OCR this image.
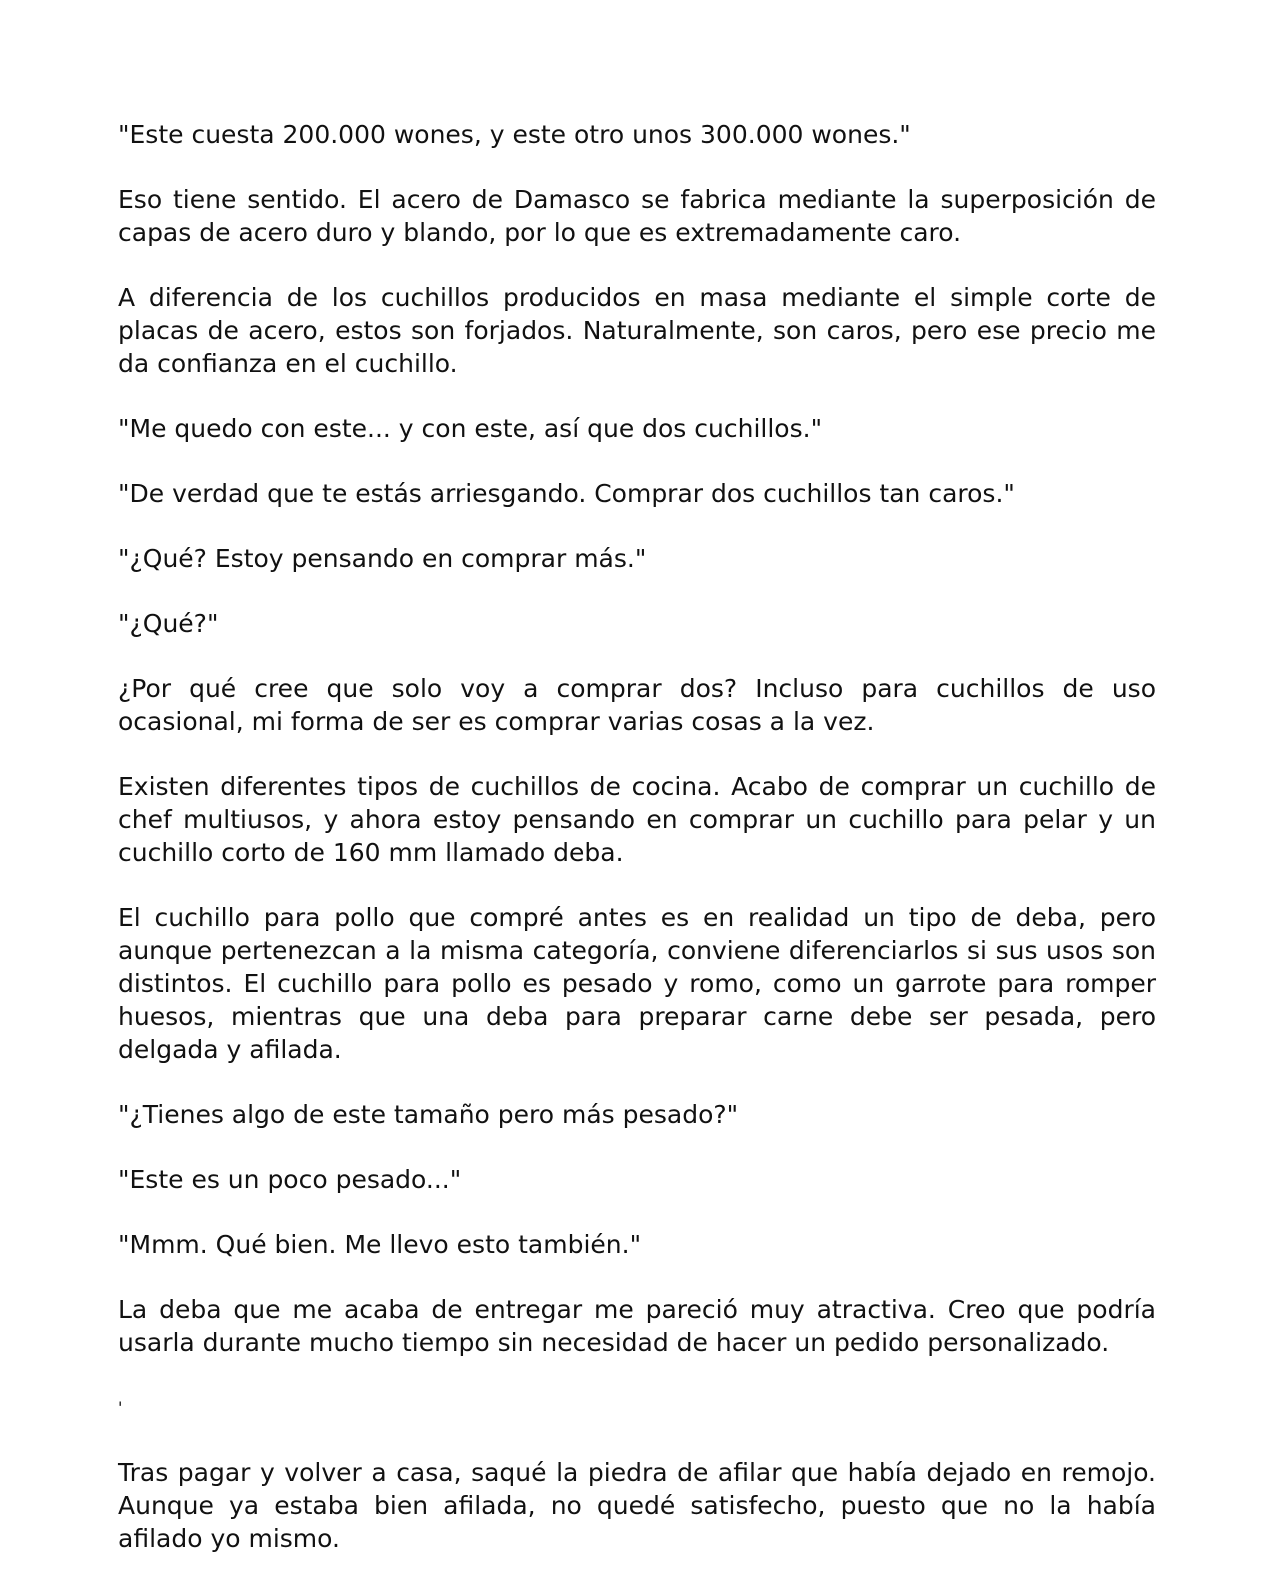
"Este cuesta 200.000 wones, y este otro unos 300.000 wones."

Eso tiene sentido. El acero de Damasco se fabrica mediante la superposición de capas de acero duro y blando, por lo que es extremadamente caro.

A diferencia de los cuchillos producidos en masa mediante el simple corte de placas de acero, estos son forjados. Naturalmente, son caros, pero ese precio me da confianza en el cuchillo.

"Me quedo con este... y con este, así que dos cuchillos."

"De verdad que te estás arriesgando. Comprar dos cuchillos tan caros."

"¿Qué? Estoy pensando en comprar más."

"¿Qué?"

¿Por qué cree que solo voy a comprar dos? Incluso para cuchillos de uso ocasional, mi forma de ser es comprar varias cosas a la vez.

Existen diferentes tipos de cuchillos de cocina. Acabo de comprar un cuchillo de chef multiusos, y ahora estoy pensando en comprar un cuchillo para pelar y un cuchillo corto de 160 mm llamado deba.

El cuchillo para pollo que compré antes es en realidad un tipo de deba, pero aunque pertenezcan a la misma categoría, conviene diferenciarlos si sus usos son distintos. El cuchillo para pollo es pesado y romo, como un garrote para romper huesos, mientras que una deba para preparar carne debe ser pesada, pero delgada y afilada.

"¿Tienes algo de este tamaño pero más pesado?"

"Este es un poco pesado..."

"Mmm. Qué bien. Me llevo esto también."

La deba que me acaba de entregar me pareció muy atractiva. Creo que podría usarla durante mucho tiempo sin necesidad de hacer un pedido personalizado.

'

Tras pagar y volver a casa, saqué la piedra de afilar que había dejado en remojo. Aunque ya estaba bien afilada, no quedé satisfecho, puesto que no la había afilado yo mismo.
